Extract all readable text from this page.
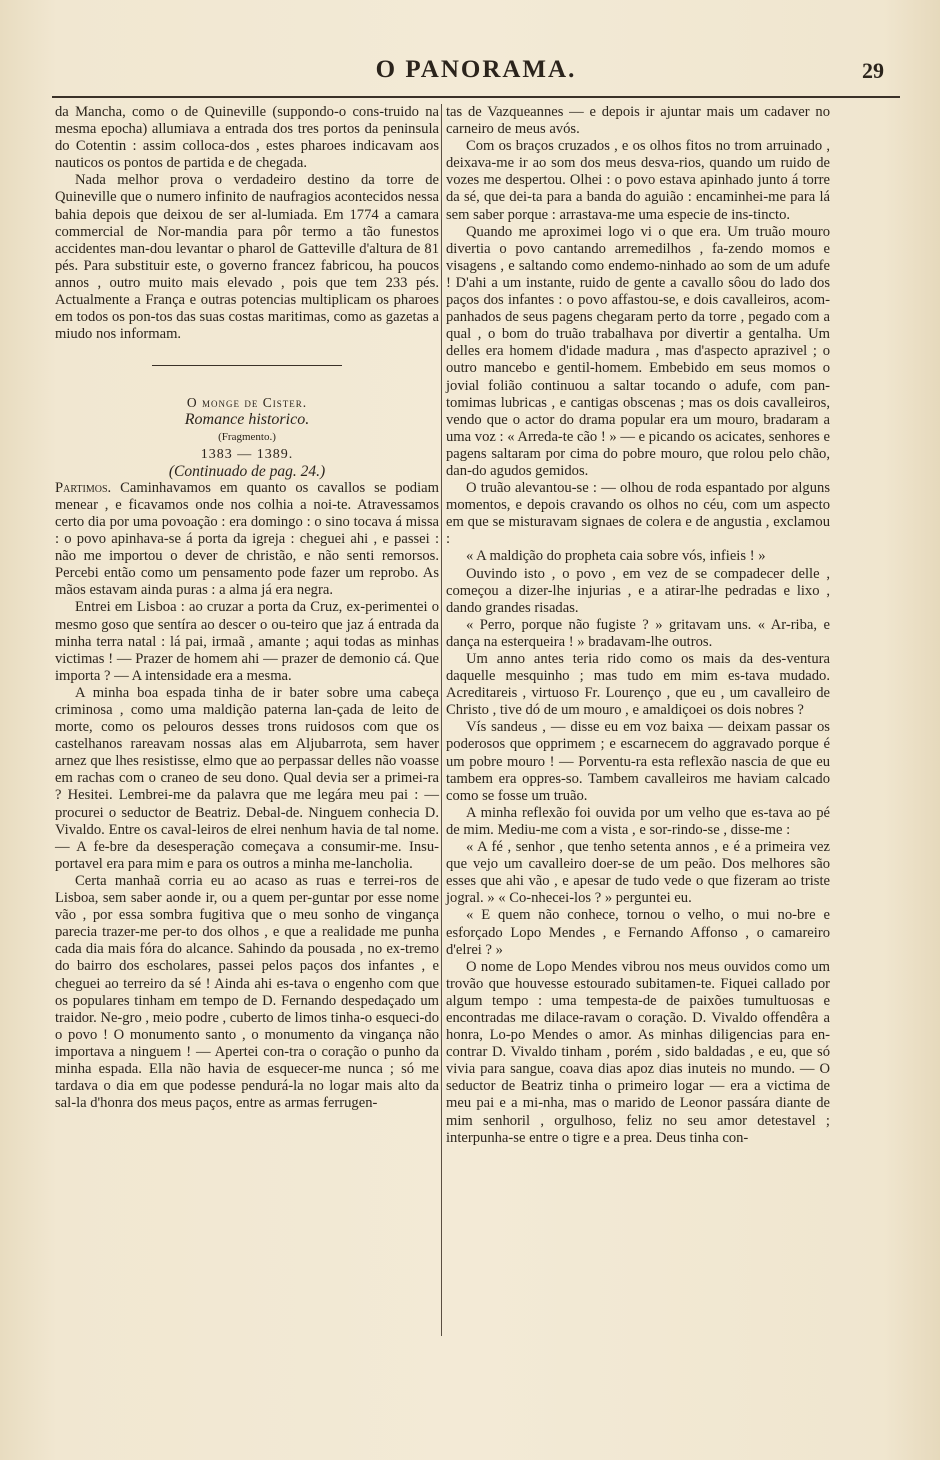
O PANORAMA.	29

da Mancha, como o de Quineville (suppondo-o cons-truido na mesma epocha) allumiava a entrada dos tres portos da peninsula do Cotentin : assim colloca-dos , estes pharoes indicavam aos nauticos os pontos de partida e de chegada.

Nada melhor prova o verdadeiro destino da torre de Quineville que o numero infinito de naufragios acontecidos nessa bahia depois que deixou de ser al-lumiada. Em 1774 a camara commercial de Nor-mandia para pôr termo a tão funestos accidentes man-dou levantar o pharol de Gatteville d'altura de 81 pés. Para substituir este, o governo francez fabricou, ha poucos annos , outro muito mais elevado , pois que tem 233 pés. Actualmente a França e outras potencias multiplicam os pharoes em todos os pon-tos das suas costas maritimas, como as gazetas a miudo nos informam.

O monge de Cister.

Romance historico.

(Fragmento.)

1383 — 1389.

(Continuado de pag. 24.)

Partimos. Caminhavamos em quanto os cavallos se podiam menear , e ficavamos onde nos colhia a noi-te. Atravessamos certo dia por uma povoação : era domingo : o sino tocava á missa : o povo apinhava-se á porta da igreja : cheguei ahi , e passei : não me importou o dever de christão, e não senti remorsos. Percebi então como um pensamento pode fazer um reprobo. As mãos estavam ainda puras : a alma já era negra.

Entrei em Lisboa : ao cruzar a porta da Cruz, ex-perimentei o mesmo goso que sentíra ao descer o ou-teiro que jaz á entrada da minha terra natal : lá pai, irmaã , amante ; aqui todas as minhas victimas ! — Prazer de homem ahi — prazer de demonio cá. Que importa ? — A intensidade era a mesma.

A minha boa espada tinha de ir bater sobre uma cabeça criminosa , como uma maldição paterna lan-çada de leito de morte, como os pelouros desses trons ruidosos com que os castelhanos rareavam nossas alas em Aljubarrota, sem haver arnez que lhes resistisse, elmo que ao perpassar delles não voasse em rachas com o craneo de seu dono. Qual devia ser a primei-ra ? Hesitei. Lembrei-me da palavra que me legára meu pai : — procurei o seductor de Beatriz. Debal-de. Ninguem conhecia D. Vivaldo. Entre os caval-leiros de elrei nenhum havia de tal nome. — A fe-bre da desesperação começava a consumir-me. Insu-portavel era para mim e para os outros a minha me-lancholia.

Certa manhaã corria eu ao acaso as ruas e terrei-ros de Lisboa, sem saber aonde ir, ou a quem per-guntar por esse nome vão , por essa sombra fugitiva que o meu sonho de vingança parecia trazer-me per-to dos olhos , e que a realidade me punha cada dia mais fóra do alcance. Sahindo da pousada , no ex-tremo do bairro dos escholares, passei pelos paços dos infantes , e cheguei ao terreiro da sé ! Ainda ahi es-tava o engenho com que os populares tinham em tempo de D. Fernando despedaçado um traidor. Ne-gro , meio podre , cuberto de limos tinha-o esqueci-do o povo ! O monumento santo , o monumento da vingança não importava a ninguem ! — Apertei con-tra o coração o punho da minha espada. Ella não havia de esquecer-me nunca ; só me tardava o dia em que podesse pendurá-la no logar mais alto da sal-la d'honra dos meus paços, entre as armas ferrugen-

tas de Vazqueannes — e depois ir ajuntar mais um cadaver no carneiro de meus avós.

Com os braços cruzados , e os olhos fitos no trom arruinado , deixava-me ir ao som dos meus desva-rios, quando um ruido de vozes me despertou. Olhei : o povo estava apinhado junto á torre da sé, que dei-ta para a banda do aguião : encaminhei-me para lá sem saber porque : arrastava-me uma especie de ins-tincto.

Quando me aproximei logo vi o que era. Um truão mouro divertia o povo cantando arremedilhos , fa-zendo momos e visagens , e saltando como endemo-ninhado ao som de um adufe ! D'ahi a um instante, ruido de gente a cavallo sôou do lado dos paços dos infantes : o povo affastou-se, e dois cavalleiros, acom-panhados de seus pagens chegaram perto da torre , pegado com a qual , o bom do truão trabalhava por divertir a gentalha. Um delles era homem d'idade madura , mas d'aspecto aprazivel ; o outro mancebo e gentil-homem. Embebido em seus momos o jovial folião continuou a saltar tocando o adufe, com pan-tomimas lubricas , e cantigas obscenas ; mas os dois cavalleiros, vendo que o actor do drama popular era um mouro, bradaram a uma voz : « Arreda-te cão ! » — e picando os acicates, senhores e pagens saltaram por cima do pobre mouro, que rolou pelo chão, dan-do agudos gemidos.

O truão alevantou-se : — olhou de roda espantado por alguns momentos, e depois cravando os olhos no céu, com um aspecto em que se misturavam signaes de colera e de angustia , exclamou :

« A maldição do propheta caia sobre vós, infieis ! »

Ouvindo isto , o povo , em vez de se compadecer delle , começou a dizer-lhe injurias , e a atirar-lhe pedradas e lixo , dando grandes risadas.

« Perro, porque não fugiste ? » gritavam uns. « Ar-riba, e dança na esterqueira ! » bradavam-lhe outros.

Um anno antes teria rido como os mais da des-ventura daquelle mesquinho ; mas tudo em mim es-tava mudado. Acreditareis , virtuoso Fr. Lourenço , que eu , um cavalleiro de Christo , tive dó de um mouro , e amaldiçoei os dois nobres ?

Vís sandeus , — disse eu em voz baixa — deixam passar os poderosos que opprimem ; e escarnecem do aggravado porque é um pobre mouro ! — Porventu-ra esta reflexão nascia de que eu tambem era oppres-so. Tambem cavalleiros me haviam calcado como se fosse um truão.

A minha reflexão foi ouvida por um velho que es-tava ao pé de mim. Mediu-me com a vista , e sor-rindo-se , disse-me :

« A fé , senhor , que tenho setenta annos , e é a primeira vez que vejo um cavalleiro doer-se de um peão. Dos melhores são esses que ahi vão , e apesar de tudo vede o que fizeram ao triste jogral. » « Co-nhecei-los ? » perguntei eu.

« E quem não conhece, tornou o velho, o mui no-bre e esforçado Lopo Mendes , e Fernando Affonso , o camareiro d'elrei ? »

O nome de Lopo Mendes vibrou nos meus ouvidos como um trovão que houvesse estourado subitamen-te. Fiquei callado por algum tempo : uma tempesta-de de paixões tumultuosas e encontradas me dilace-ravam o coração. D. Vivaldo offendêra a honra, Lo-po Mendes o amor. As minhas diligencias para en-contrar D. Vivaldo tinham , porém , sido baldadas , e eu, que só vivia para sangue, coava dias apoz dias inuteis no mundo. — O seductor de Beatriz tinha o primeiro logar — era a victima de meu pai e a mi-nha, mas o marido de Leonor passára diante de mim senhoril , orgulhoso, feliz no seu amor detestavel ; interpunha-se entre o tigre e a prea. Deus tinha con-
